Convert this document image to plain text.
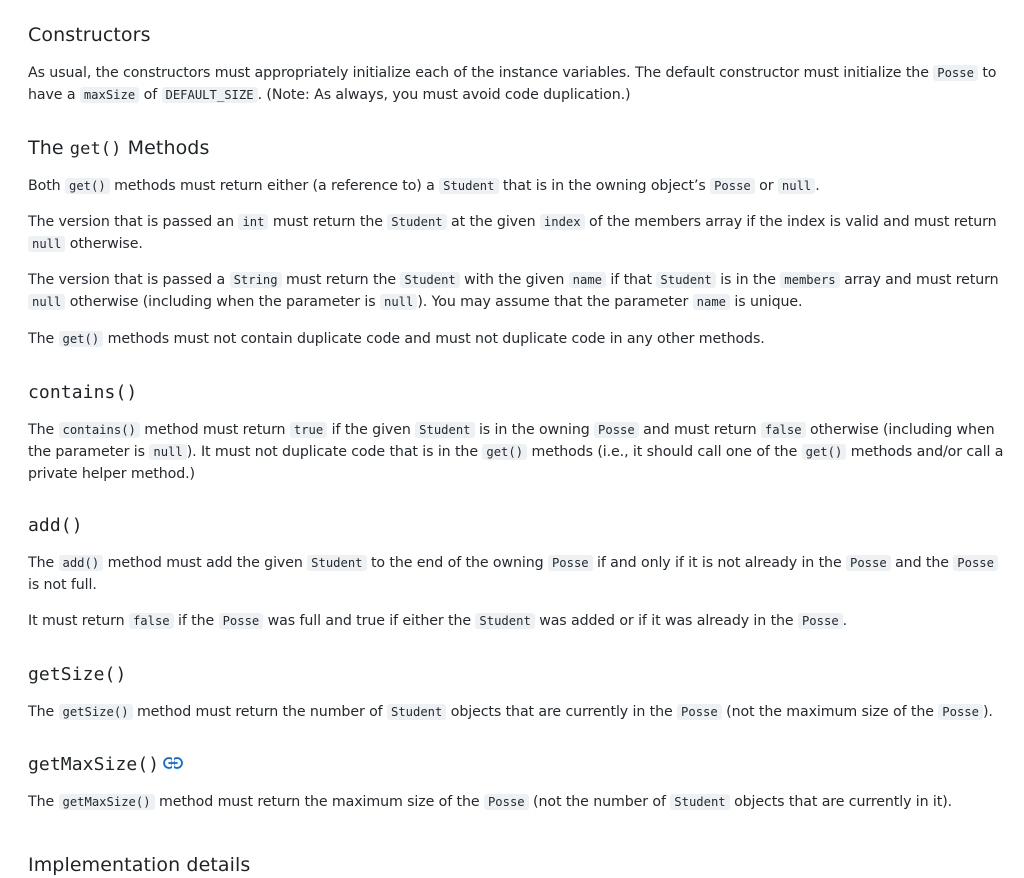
Constructors

As usual, the constructors must appropriately initialize each of the instance variables. The default constructor must initialize the Posse to have a maxSize of DEFAULT_SIZE . (Note: As always, you must avoid code duplication.)

The get() Methods

Both get() methods must return either (a reference to) a Student that is in the owning object’s Posse or null .

The version that is passed an int must return the Student at the given index of the members array if the index is valid and must return null otherwise.

The version that is passed a String must return the Student with the given name if that Student is in the members array and must return null otherwise (including when the parameter is null ). You may assume that the parameter name is unique.

The get() methods must not contain duplicate code and must not duplicate code in any other methods.

contains()

The contains() method must return true if the given Student is in the owning Posse and must return false otherwise (including when the parameter is null ). It must not duplicate code that is in the get() methods (i.e., it should call one of the get() methods and/or call a private helper method.)

add()

The add() method must add the given Student to the end of the owning Posse if and only if it is not already in the Posse and the Posse is not full.

It must return false if the Posse was full and true if either the Student was added or if it was already in the Posse .

getSize()

The getSize() method must return the number of Student objects that are currently in the Posse (not the maximum size of the Posse ).

getMaxSize()

The getMaxSize() method must return the maximum size of the Posse (not the number of Student objects that are currently in it).

Implementation details
